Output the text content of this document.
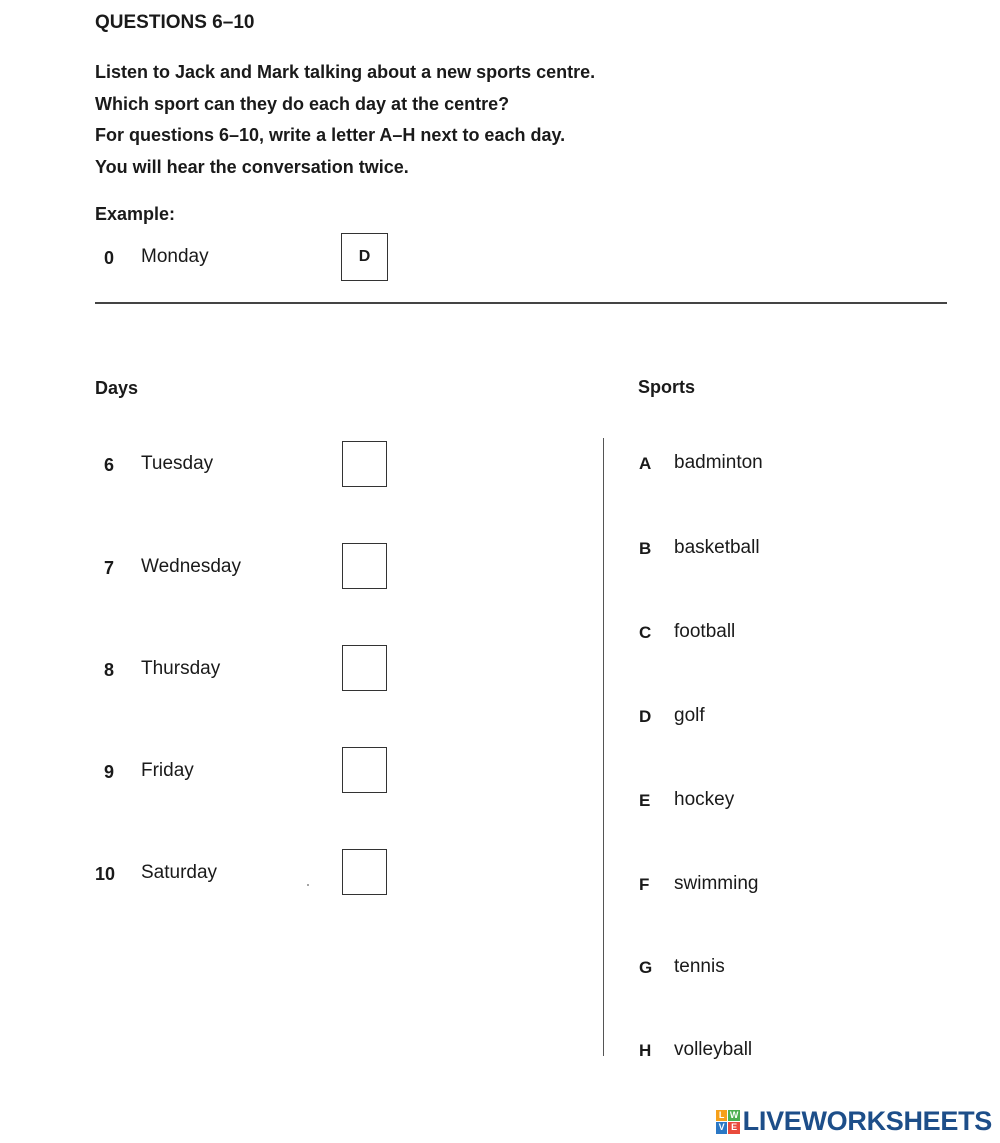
QUESTIONS 6–10
Listen to Jack and Mark talking about a new sports centre.
Which sport can they do each day at the centre?
For questions 6–10, write a letter A–H next to each day.
You will hear the conversation twice.
Example:
0 Monday	D
Days	Sports
6 Tuesday
7 Wednesday
8 Thursday
9 Friday
10 Saturday
A badminton
B basketball
C football
D golf
E hockey
F swimming
G tennis
H volleyball
L W
V E LIVEWORKSHEETS
